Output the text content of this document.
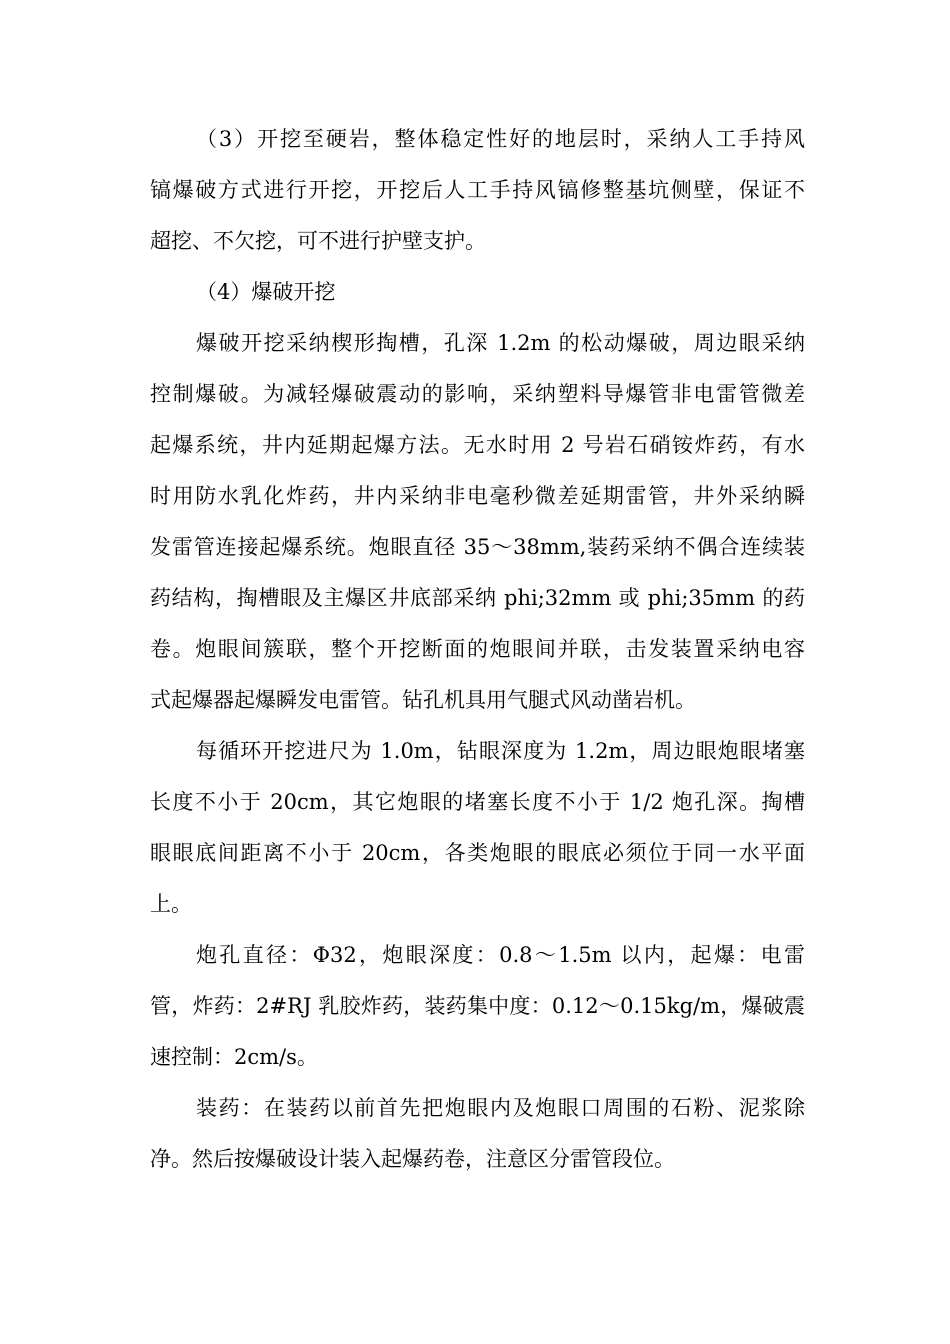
（3）开挖至硬岩，整体稳定性好的地层时，采纳人工手持风
镐爆破方式进行开挖，开挖后人工手持风镐修整基坑侧壁，保证不
超挖、不欠挖，可不进行护壁支护。
（4）爆破开挖
爆破开挖采纳楔形掏槽，孔深 1.2m 的松动爆破，周边眼采纳
控制爆破。为减轻爆破震动的影响，采纳塑料导爆管非电雷管微差
起爆系统，井内延期起爆方法。无水时用 2 号岩石硝铵炸药，有水
时用防水乳化炸药，井内采纳非电毫秒微差延期雷管，井外采纳瞬
发雷管连接起爆系统。炮眼直径 35～38mm,装药采纳不偶合连续装
药结构，掏槽眼及主爆区井底部采纳 phi;32mm 或 phi;35mm 的药
卷。炮眼间簇联，整个开挖断面的炮眼间并联，击发装置采纳电容
式起爆器起爆瞬发电雷管。钻孔机具用气腿式风动凿岩机。
每循环开挖进尺为 1.0m，钻眼深度为 1.2m，周边眼炮眼堵塞
长度不小于 20cm，其它炮眼的堵塞长度不小于 1/2 炮孔深。掏槽
眼眼底间距离不小于 20cm，各类炮眼的眼底必须位于同一水平面
上。
炮孔直径：Φ32，炮眼深度：0.8～1.5m 以内，起爆：电雷
管，炸药：2#RJ 乳胶炸药，装药集中度：0.12～0.15kg/m，爆破震
速控制：2cm/s。
装药：在装药以前首先把炮眼内及炮眼口周围的石粉、泥浆除
净。然后按爆破设计装入起爆药卷，注意区分雷管段位。
